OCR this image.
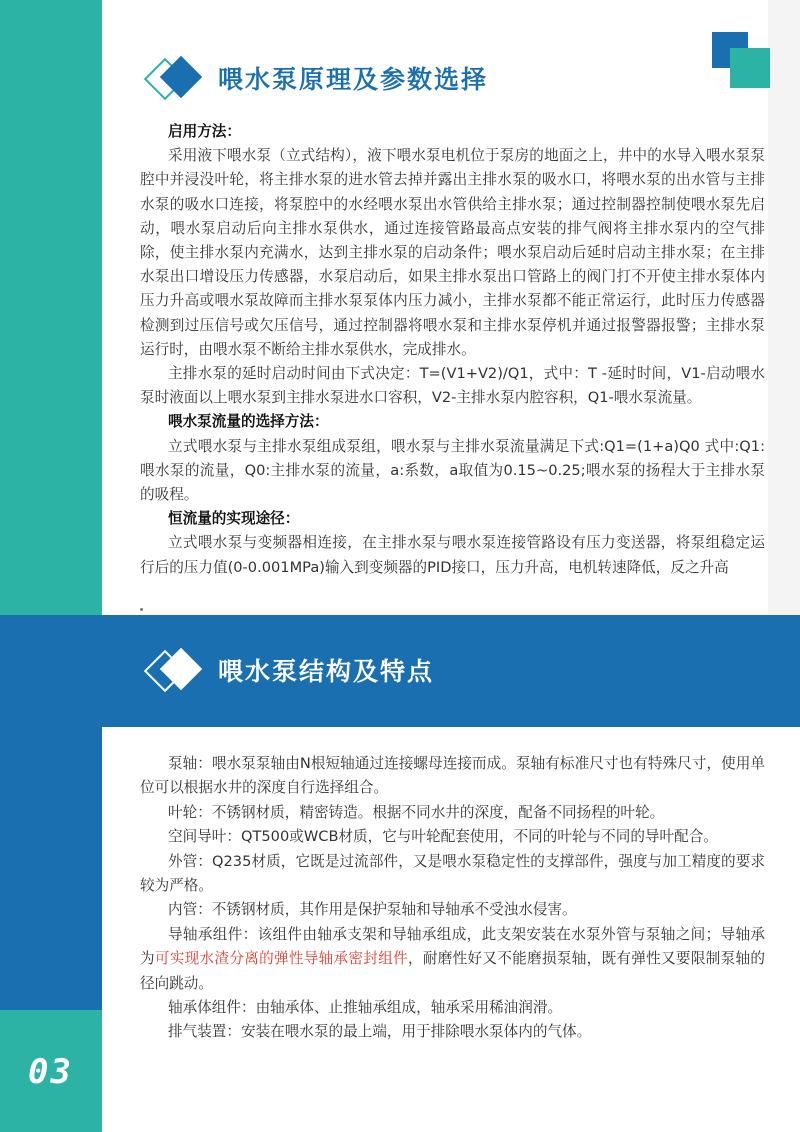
喂水泵原理及参数选择

启用方法：

采用液下喂水泵（立式结构），液下喂水泵电机位于泵房的地面之上，井中的水导入喂水泵泵腔中并浸没叶轮，将主排水泵的进水管去掉并露出主排水泵的吸水口，将喂水泵的出水管与主排水泵的吸水口连接，将泵腔中的水经喂水泵出水管供给主排水泵；通过控制器控制使喂水泵先启动，喂水泵启动后向主排水泵供水，通过连接管路最高点安装的排气阀将主排水泵内的空气排除，使主排水泵内充满水，达到主排水泵的启动条件；喂水泵启动后延时启动主排水泵；在主排水泵出口增设压力传感器，水泵启动后，如果主排水泵出口管路上的阀门打不开使主排水泵体内压力升高或喂水泵故障而主排水泵泵体内压力减小，主排水泵都不能正常运行，此时压力传感器检测到过压信号或欠压信号，通过控制器将喂水泵和主排水泵停机并通过报警器报警；主排水泵运行时，由喂水泵不断给主排水泵供水，完成排水。

主排水泵的延时启动时间由下式决定：T=(V1+V2)/Q1，式中：T -延时时间，V1-启动喂水泵时液面以上喂水泵到主排水泵进水口容积，V2-主排水泵内腔容积，Q1-喂水泵流量。

喂水泵流量的选择方法：

立式喂水泵与主排水泵组成泵组，喂水泵与主排水泵流量满足下式:Q1=(1+a)Q0 式中:Q1:喂水泵的流量，Q0:主排水泵的流量，a:系数，a取值为0.15~0.25;喂水泵的扬程大于主排水泵的吸程。

恒流量的实现途径：

立式喂水泵与变频器相连接，在主排水泵与喂水泵连接管路设有压力变送器，将泵组稳定运行后的压力值(0-0.001MPa)输入到变频器的PID接口，压力升高，电机转速降低，反之升高

喂水泵结构及特点

泵轴：喂水泵泵轴由N根短轴通过连接螺母连接而成。泵轴有标准尺寸也有特殊尺寸，使用单位可以根据水井的深度自行选择组合。

叶轮：不锈钢材质，精密铸造。根据不同水井的深度，配备不同扬程的叶轮。

空间导叶：QT500或WCB材质，它与叶轮配套使用，不同的叶轮与不同的导叶配合。

外管：Q235材质，它既是过流部件，又是喂水泵稳定性的支撑部件，强度与加工精度的要求较为严格。

内管：不锈钢材质，其作用是保护泵轴和导轴承不受浊水侵害。

导轴承组件：该组件由轴承支架和导轴承组成，此支架安装在水泵外管与泵轴之间；导轴承为可实现水渣分离的弹性导轴承密封组件，耐磨性好又不能磨损泵轴，既有弹性又要限制泵轴的径向跳动。

轴承体组件：由轴承体、止推轴承组成，轴承采用稀油润滑。

排气装置：安装在喂水泵的最上端，用于排除喂水泵体内的气体。

03
